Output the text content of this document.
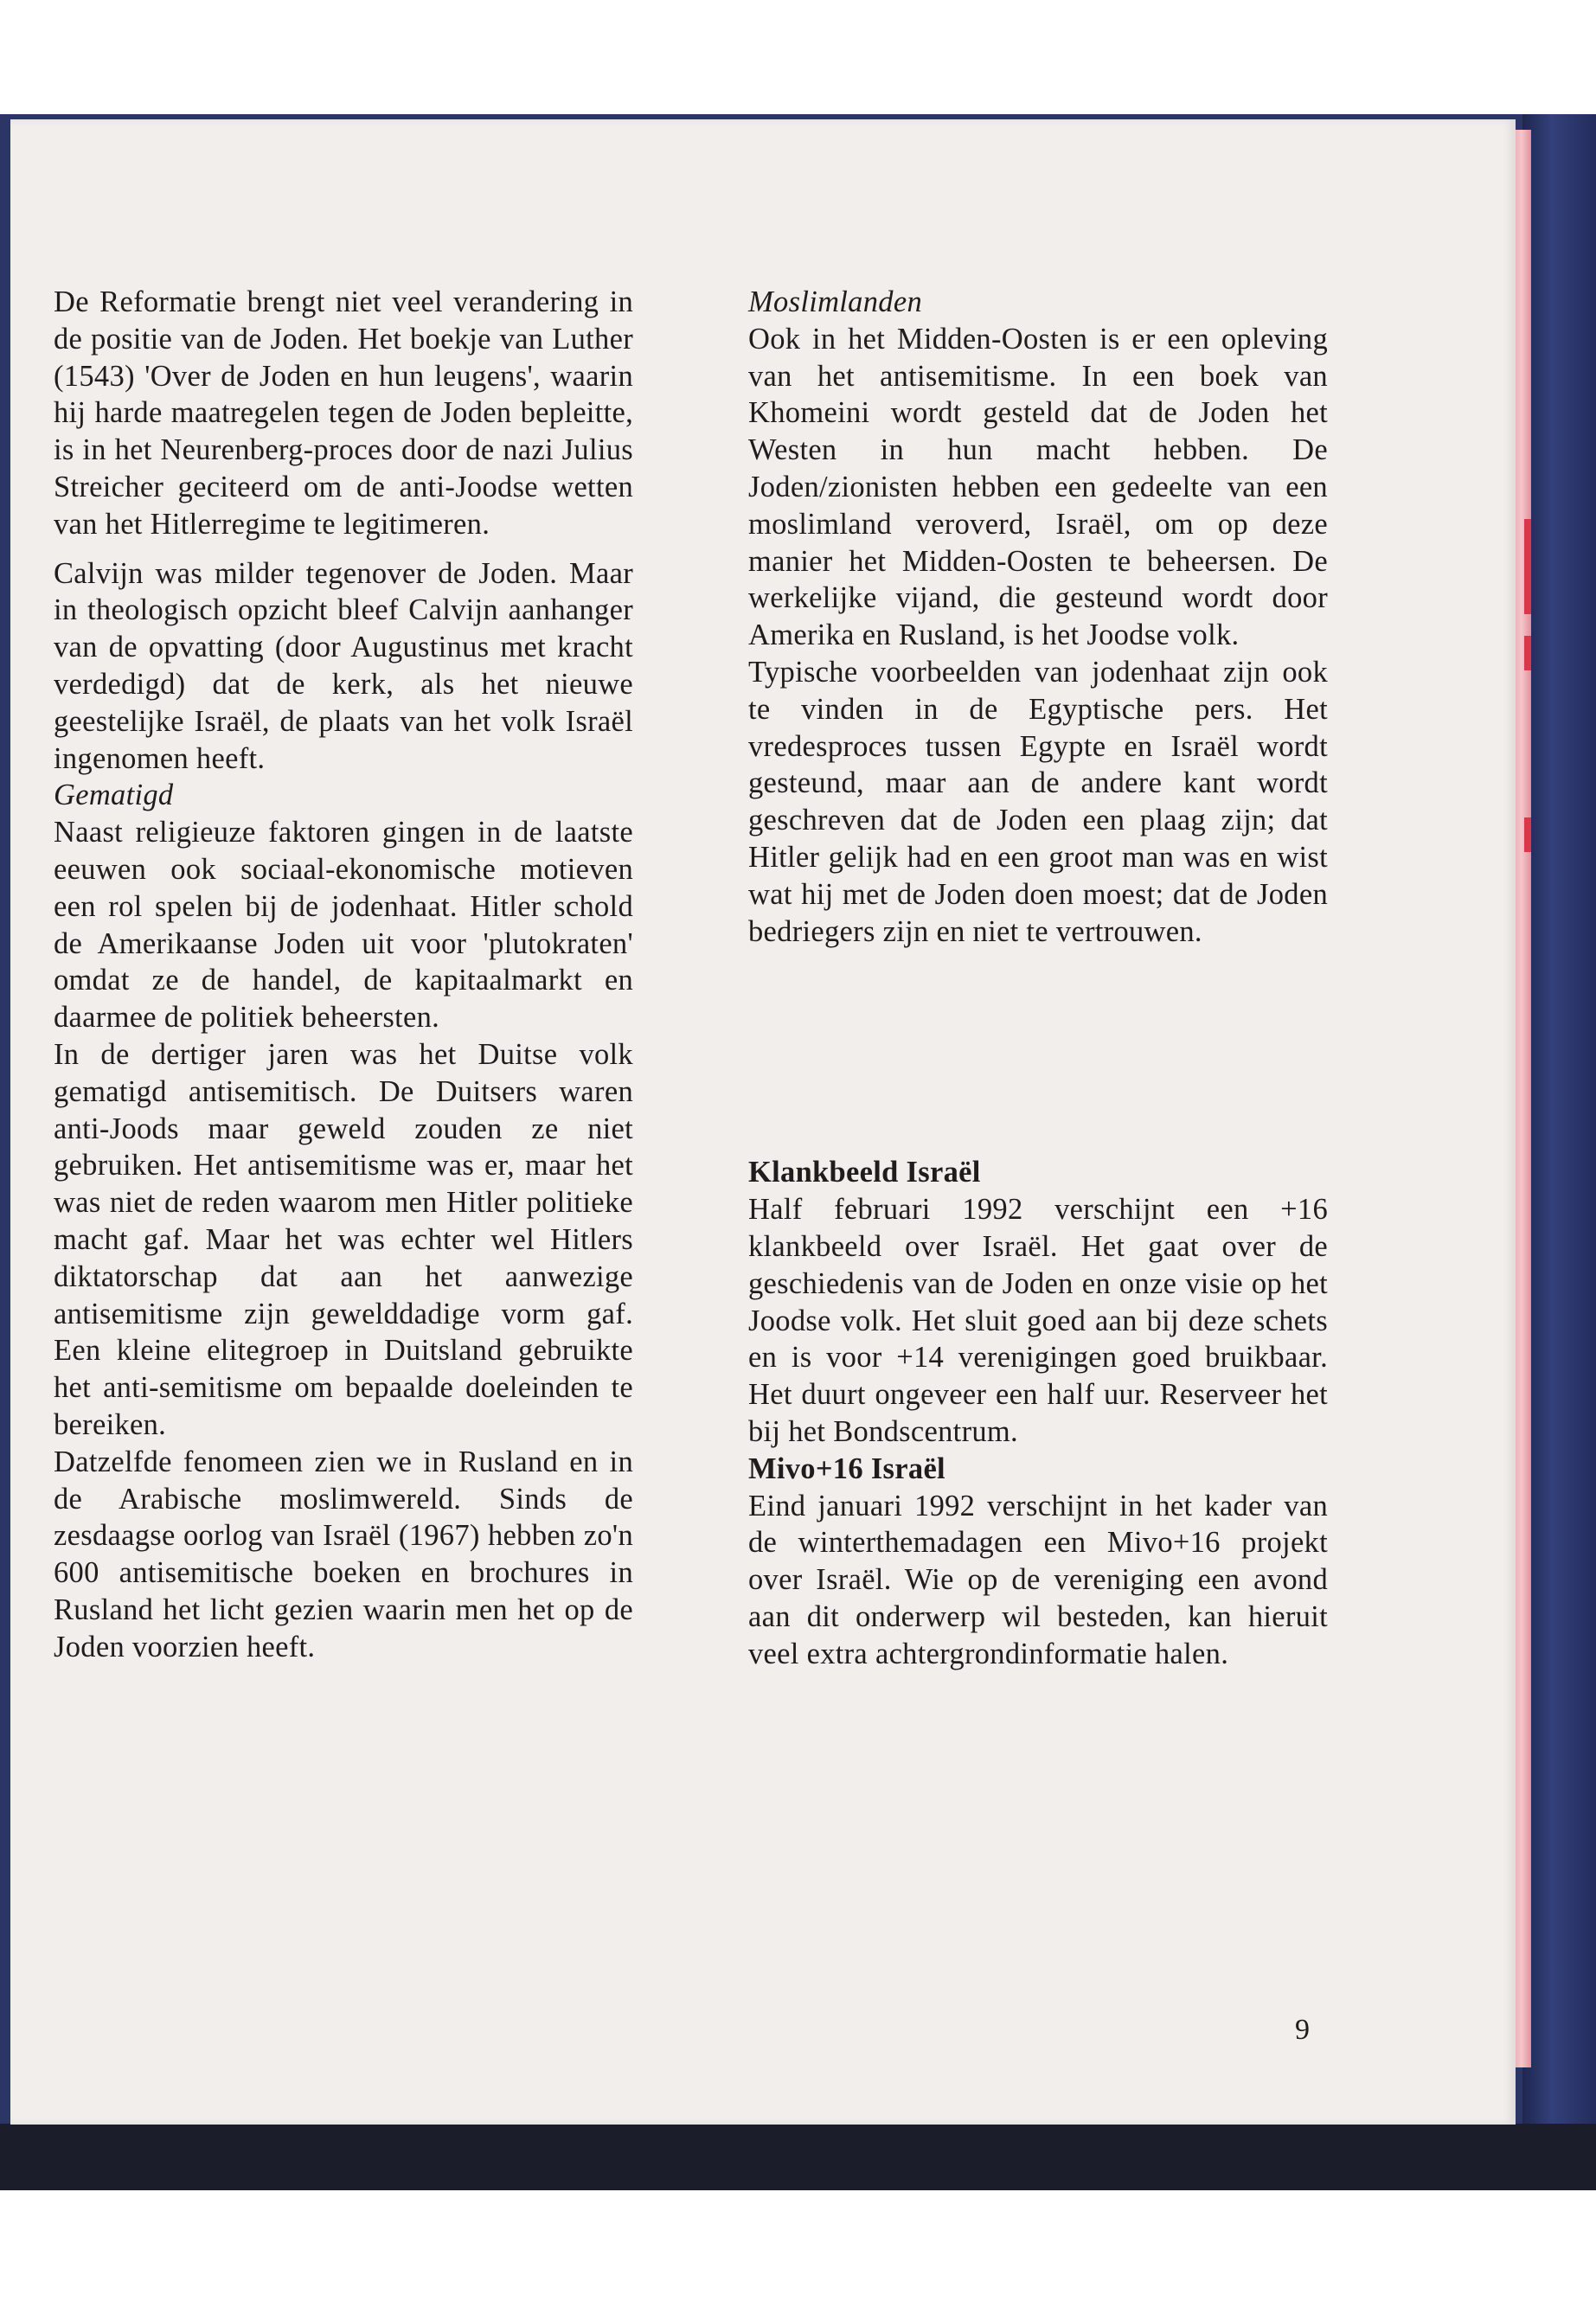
De Reformatie brengt niet veel verandering in de positie van de Joden. Het boekje van Luther (1543) 'Over de Joden en hun leugens', waarin hij harde maatregelen tegen de Joden bepleitte, is in het Neurenberg-proces door de nazi Julius Streicher geciteerd om de anti-Joodse wetten van het Hitlerregime te legitimeren.

Calvijn was milder tegenover de Joden. Maar in theologisch opzicht bleef Calvijn aanhanger van de opvatting (door Augustinus met kracht verdedigd) dat de kerk, als het nieuwe geestelijke Israël, de plaats van het volk Israël ingenomen heeft.

Gematigd

Naast religieuze faktoren gingen in de laatste eeuwen ook sociaal-ekonomische motieven een rol spelen bij de jodenhaat. Hitler schold de Amerikaanse Joden uit voor 'plutokraten' omdat ze de handel, de kapitaalmarkt en daarmee de politiek beheersten.

In de dertiger jaren was het Duitse volk gematigd antisemitisch. De Duitsers waren anti-Joods maar geweld zouden ze niet gebruiken. Het antisemitisme was er, maar het was niet de reden waarom men Hitler politieke macht gaf. Maar het was echter wel Hitlers diktatorschap dat aan het aanwezige antisemitisme zijn gewelddadige vorm gaf. Een kleine elitegroep in Duitsland gebruikte het anti-semitisme om bepaalde doeleinden te bereiken.

Datzelfde fenomeen zien we in Rusland en in de Arabische moslimwereld. Sinds de zesdaagse oorlog van Israël (1967) hebben zo'n 600 antisemitische boeken en brochures in Rusland het licht gezien waarin men het op de Joden voorzien heeft.

Moslimlanden

Ook in het Midden-Oosten is er een opleving van het antisemitisme. In een boek van Khomeini wordt gesteld dat de Joden het Westen in hun macht hebben. De Joden/zionisten hebben een gedeelte van een moslimland veroverd, Israël, om op deze manier het Midden-Oosten te beheersen. De werkelijke vijand, die gesteund wordt door Amerika en Rusland, is het Joodse volk.

Typische voorbeelden van jodenhaat zijn ook te vinden in de Egyptische pers. Het vredesproces tussen Egypte en Israël wordt gesteund, maar aan de andere kant wordt geschreven dat de Joden een plaag zijn; dat Hitler gelijk had en een groot man was en wist wat hij met de Joden doen moest; dat de Joden bedriegers zijn en niet te vertrouwen.

Klankbeeld Israël

Half februari 1992 verschijnt een +16 klankbeeld over Israël. Het gaat over de geschiedenis van de Joden en onze visie op het Joodse volk. Het sluit goed aan bij deze schets en is voor +14 verenigingen goed bruikbaar. Het duurt ongeveer een half uur. Reserveer het bij het Bondscentrum.

Mivo+16 Israël

Eind januari 1992 verschijnt in het kader van de winterthemadagen een Mivo+16 projekt over Israël. Wie op de vereniging een avond aan dit onderwerp wil besteden, kan hieruit veel extra achtergrondinformatie halen.

9
